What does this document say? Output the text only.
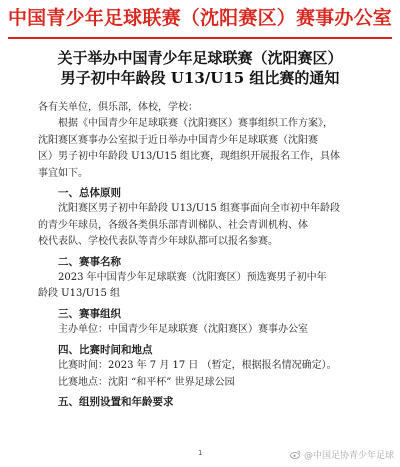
中国青少年足球联赛（沈阳赛区）赛事办公室
关于举办中国青少年足球联赛（沈阳赛区）
男子初中年龄段 U13/U15 组比赛的通知

各有关单位，俱乐部，体校，学校：

根据《中国青少年足球联赛（沈阳赛区）赛事组织工作方案》，

沈阳赛区赛事办公室拟于近日举办中国青少年足球联赛（沈阳赛

区）男子初中年龄段 U13/U15 组比赛，现组织开展报名工作，具体

事宜如下。

一、总体原则

沈阳赛区男子初中年龄段 U13/U15 组赛事面向全市初中年龄段

的青少年球员，各级各类俱乐部青训梯队、社会青训机构、体

校代表队、学校代表队等青少年球队都可以报名参赛。

二、赛事名称

2023 年中国青少年足球联赛（沈阳赛区）预选赛男子初中年

龄段 U13/U15 组

三、赛事组织

主办单位：中国青少年足球联赛（沈阳赛区）赛事办公室

四、比赛时间和地点

比赛时间：2023 年 7 月 17 日 （暂定，根据报名情况确定）。

比赛地点：沈阳 “和平杯” 世界足球公园

五、组别设置和年龄要求

1	@中国足协青少年足球
